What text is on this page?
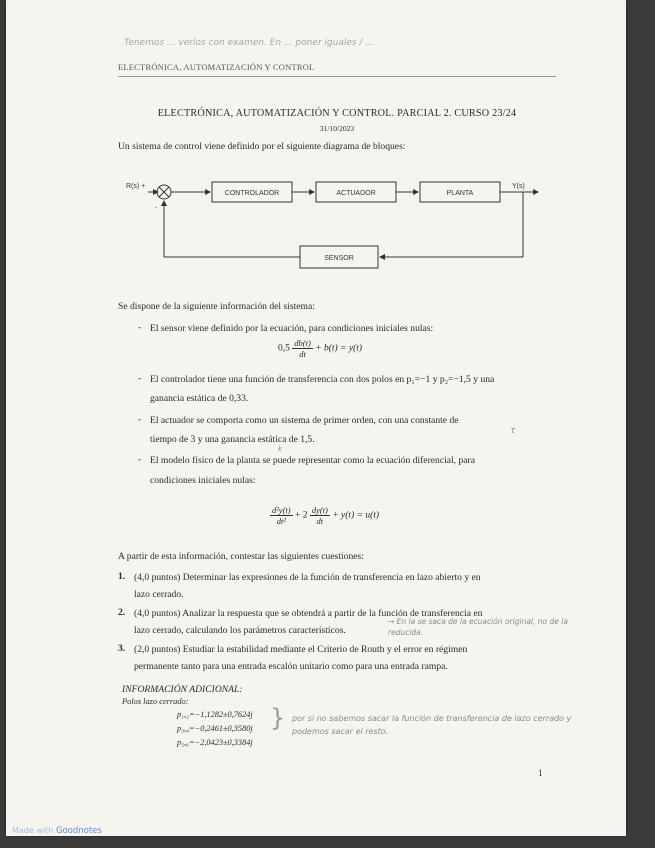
Tenemos ... verlos con examen. En ... poner iguales / ...
ELECTRÓNICA, AUTOMATIZACIÓN Y CONTROL
ELECTRÓNICA, AUTOMATIZACIÓN Y CONTROL. PARCIAL 2. CURSO 23/24
31/10/2023
Un sistema de control viene definido por el siguiente diagrama de bloques:
R(s) +
-
CONTROLADOR	ACTUADOR	PLANTA
Y(s)
SENSOR
Se dispone de la siguiente información del sistema:
- El sensor viene definido por la ecuación, para condiciones iniciales nulas:
$0,5 \frac{db(t)}{dt} + b(t) = y(t)$
- El controlador tiene una función de transferencia con dos polos en p₁=−1 y p₂=−1,5 y una
ganancia estática de 0,33.
- El actuador se comporta como un sistema de primer orden, con una constante de
τ
tiempo de 3 y una ganancia estática de 1,5.
k
- El modelo físico de la planta se puede representar como la ecuación diferencial, para
condiciones iniciales nulas:
$\frac{\text{d²y(t)}}{\text{dt²}} + 2 \frac{dy(t)}{dt} + y(t) = u(t)$
A partir de esta información, contestar las siguientes cuestiones:
1. (4,0 puntos) Determinar las expresiones de la función de transferencia en lazo abierto y en
lazo cerrado.
2. (4,0 puntos) Analizar la respuesta que se obtendrá a partir de la función de transferencia en
lazo cerrado, calculando los parámetros característicos.
→ En la se saca de la ecuación original, no de la reducida.
3. (2,0 puntos) Estudiar la estabilidad mediante el Criterio de Routh y el error en régimen
permanente tanto para una entrada escalón unitario como para una entrada rampa.
INFORMACIÓN ADICIONAL:
Polos lazo cerrado:
p₁,₂=−1,1282±0,7624j
p₃,₄=−0,2461±0,3580j
p₅,₆=−2,0423±0,3384j
} por si no sabemos sacar la función de transferencia de lazo cerrado y podemos sacar el resto.
1
Made with Goodnotes
